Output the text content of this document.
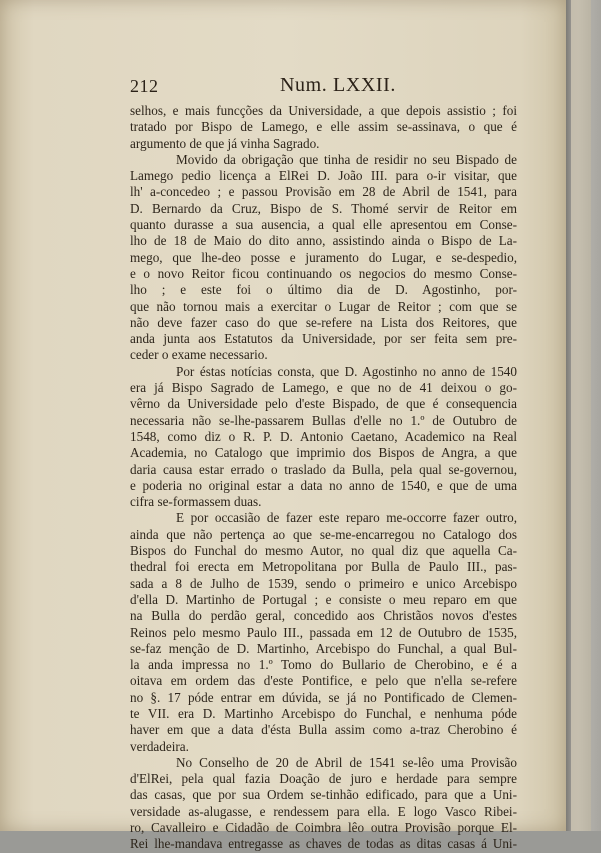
212	Num. LXXII.
selhos, e mais funcções da Universidade, a que depois assistio ; foi
tratado por Bispo de Lamego, e elle assim se-assinava, o que é
argumento de que já vinha Sagrado.
Movido da obrigação que tinha de residir no seu Bispado de
Lamego pedio licença a ElRei D. João III. para o-ir visitar, que
lh' a-concedeo ; e passou Provisão em 28 de Abril de 1541, para
D. Bernardo da Cruz, Bispo de S. Thomé servir de Reitor em
quanto durasse a sua ausencia, a qual elle apresentou em Conse-
lho de 18 de Maio do dito anno, assistindo ainda o Bispo de La-
mego, que lhe-deo posse e juramento do Lugar, e se-despedio,
e o novo Reitor ficou continuando os negocios do mesmo Conse-
lho ; e este foi o último dia de D. Agostinho, por-
que não tornou mais a exercitar o Lugar de Reitor ; com que se
não deve fazer caso do que se-refere na Lista dos Reitores, que
anda junta aos Estatutos da Universidade, por ser feita sem pre-
ceder o exame necessario.
Por éstas notícias consta, que D. Agostinho no anno de 1540
era já Bispo Sagrado de Lamego, e que no de 41 deixou o go-
vêrno da Universidade pelo d'este Bispado, de que é consequencia
necessaria não se-lhe-passarem Bullas d'elle no 1.º de Outubro de
1548, como diz o R. P. D. Antonio Caetano, Academico na Real
Academia, no Catalogo que imprimio dos Bispos de Angra, a que
daria causa estar errado o traslado da Bulla, pela qual se-governou,
e poderia no original estar a data no anno de 1540, e que de uma
cifra se-formassem duas.
E por occasião de fazer este reparo me-occorre fazer outro,
ainda que não pertença ao que se-me-encarregou no Catalogo dos
Bispos do Funchal do mesmo Autor, no qual diz que aquella Ca-
thedral foi erecta em Metropolitana por Bulla de Paulo III., pas-
sada a 8 de Julho de 1539, sendo o primeiro e unico Arcebispo
d'ella D. Martinho de Portugal ; e consiste o meu reparo em que
na Bulla do perdão geral, concedido aos Christãos novos d'estes
Reinos pelo mesmo Paulo III., passada em 12 de Outubro de 1535,
se-faz menção de D. Martinho, Arcebispo do Funchal, a qual Bul-
la anda impressa no 1.º Tomo do Bullario de Cherobino, e é a
oitava em ordem das d'este Pontifice, e pelo que n'ella se-refere
no §. 17 póde entrar em dúvida, se já no Pontificado de Clemen-
te VII. era D. Martinho Arcebispo do Funchal, e nenhuma póde
haver em que a data d'ésta Bulla assim como a-traz Cherobino é
verdadeira.
No Conselho de 20 de Abril de 1541 se-lêo uma Provisão
d'ElRei, pela qual fazia Doação de juro e herdade para sempre
das casas, que por sua Ordem se-tinhão edificado, para que a Uni-
versidade as-alugasse, e rendessem para ella. E logo Vasco Ribei-
ro, Cavalleiro e Cidadão de Coimbra lêo outra Provisão porque El-
Rei lhe-mandava entregasse as chaves de todas as ditas casas á Uni-
